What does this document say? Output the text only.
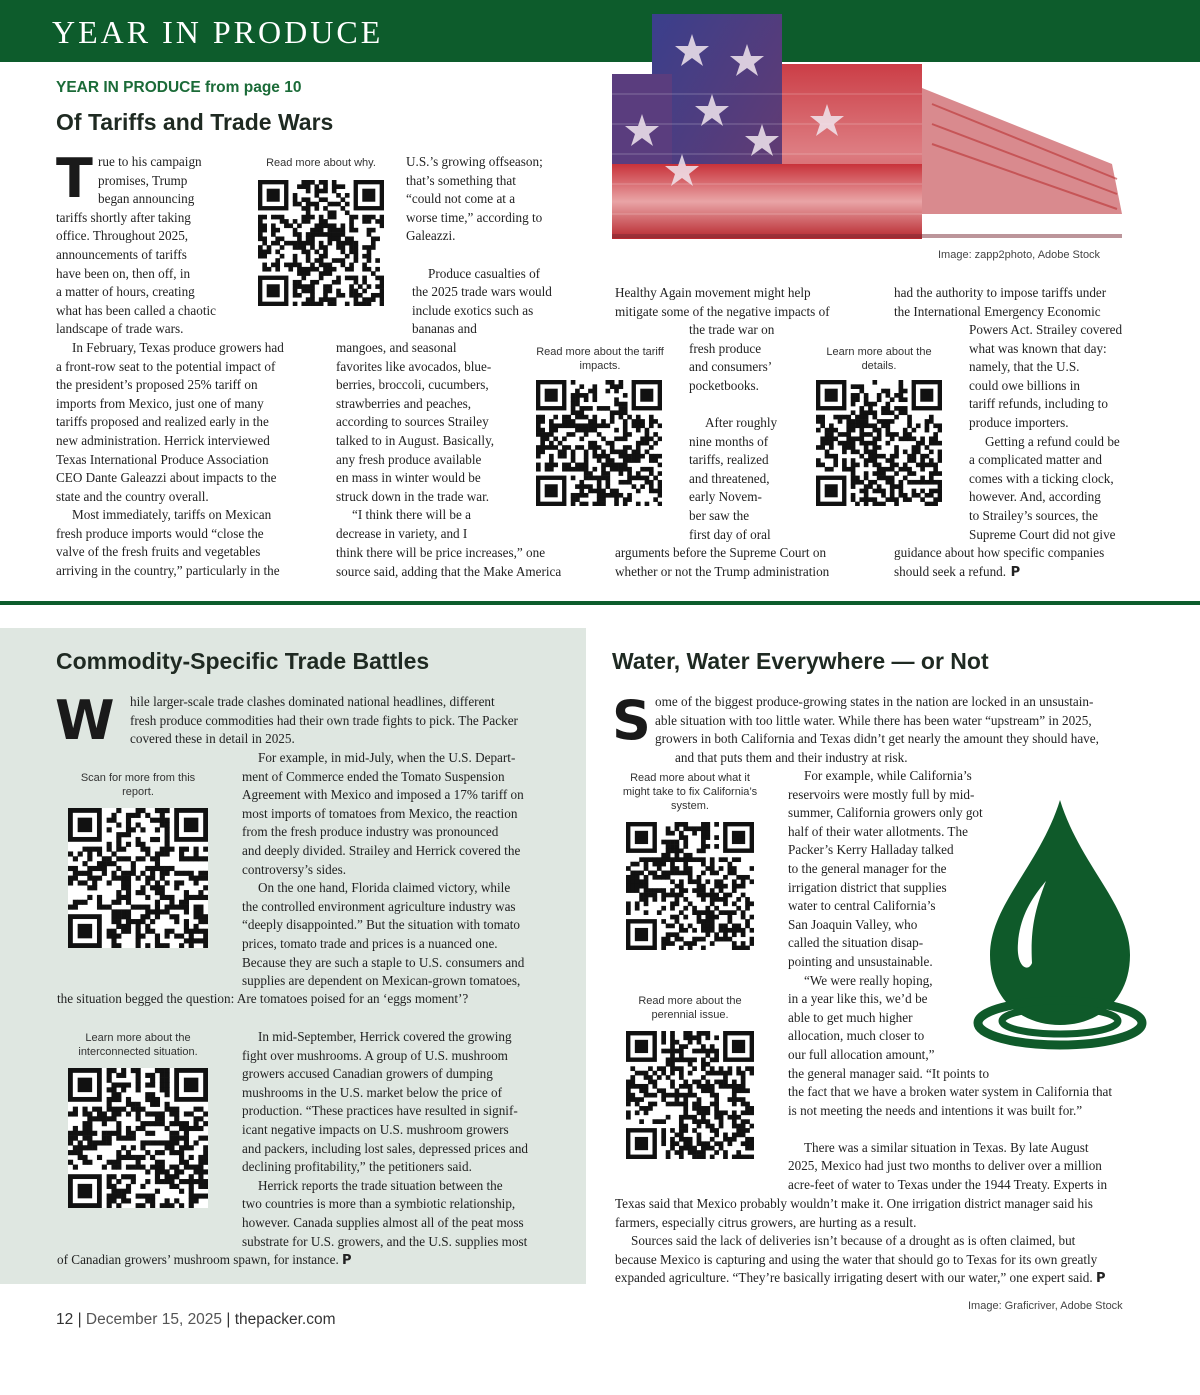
YEAR IN PRODUCE
YEAR IN PRODUCE from page 10
Of Tariffs and Trade Wars
T rue to his campaign
promises, Trump
began announcing
tariffs shortly after taking
office. Throughout 2025,
announcements of tariffs
have been on, then off, in
a matter of hours, creating
what has been called a chaotic
landscape of trade wars.
In February, Texas produce growers had
a front-row seat to the potential impact of
the president’s proposed 25% tariff on
imports from Mexico, just one of many
tariffs proposed and realized early in the
new administration. Herrick interviewed
Texas International Produce Association
CEO Dante Galeazzi about impacts to the
state and the country overall.
Most immediately, tariffs on Mexican
fresh produce imports would “close the
valve of the fresh fruits and vegetables
arriving in the country,” particularly in the
Read more about why.	U.S.’s growing offseason;
that’s something that
“could not come at a
worse time,” according to
Galeazzi.

Produce casualties of
the 2025 trade wars would
include exotics such as
bananas and
mangoes, and seasonal
favorites like avocados, blue-
berries, broccoli, cucumbers,
strawberries and peaches,
according to sources Strailey
talked to in August. Basically,
any fresh produce available
en mass in winter would be
struck down in the trade war.
“I think there will be a
decrease in variety, and I
think there will be price increases,” one
source said, adding that the Make America
Read more about the tariff impacts.
Image: zapp2photo, Adobe Stock
Healthy Again movement might help
mitigate some of the negative impacts of
the trade war on
fresh produce
and consumers’
pocketbooks.

After roughly
nine months of
tariffs, realized
and threatened,
early Novem-
ber saw the
first day of oral
arguments before the Supreme Court on
whether or not the Trump administration
Learn more about the details.
had the authority to impose tariffs under
the International Emergency Economic
Powers Act. Strailey covered
what was known that day:
namely, that the U.S.
could owe billions in
tariff refunds, including to
produce importers.
Getting a refund could be
a complicated matter and
comes with a ticking clock,
however. And, according
to Strailey’s sources, the
Supreme Court did not give
guidance about how specific companies
should seek a refund. P
Commodity-Specific Trade Battles
W hile larger-scale trade clashes dominated national headlines, different
fresh produce commodities had their own trade fights to pick. The Packer
covered these in detail in 2025.
Scan for more from this report.
For example, in mid-July, when the U.S. Depart-
ment of Commerce ended the Tomato Suspension
Agreement with Mexico and imposed a 17% tariff on
most imports of tomatoes from Mexico, the reaction
from the fresh produce industry was pronounced
and deeply divided. Strailey and Herrick covered the
controversy’s sides.
On the one hand, Florida claimed victory, while
the controlled environment agriculture industry was
“deeply disappointed.” But the situation with tomato
prices, tomato trade and prices is a nuanced one.
Because they are such a staple to U.S. consumers and
supplies are dependent on Mexican-grown tomatoes,
the situation begged the question: Are tomatoes poised for an ‘eggs moment’?
Learn more about the interconnected situation.
In mid-September, Herrick covered the growing
fight over mushrooms. A group of U.S. mushroom
growers accused Canadian growers of dumping
mushrooms in the U.S. market below the price of
production. “These practices have resulted in signif-
icant negative impacts on U.S. mushroom growers
and packers, including lost sales, depressed prices and
declining profitability,” the petitioners said.
Herrick reports the trade situation between the
two countries is more than a symbiotic relationship,
however. Canada supplies almost all of the peat moss
substrate for U.S. growers, and the U.S. supplies most
of Canadian growers’ mushroom spawn, for instance. P
Water, Water Everywhere — or Not
S ome of the biggest produce-growing states in the nation are locked in an unsustain-
able situation with too little water. While there has been water “upstream” in 2025,
growers in both California and Texas didn’t get nearly the amount they should have,
and that puts them and their industry at risk.
Read more about what it might take to fix California’s system.
Read more about the perennial issue.
For example, while California’s
reservoirs were mostly full by mid-
summer, California growers only got
half of their water allotments. The
Packer’s Kerry Halladay talked
to the general manager for the
irrigation district that supplies
water to central California’s
San Joaquin Valley, who
called the situation disap-
pointing and unsustainable.
“We were really hoping,
in a year like this, we’d be
able to get much higher
allocation, much closer to
our full allocation amount,”
the general manager said. “It points to
the fact that we have a broken water system in California that
is not meeting the needs and intentions it was built for.”

There was a similar situation in Texas. By late August
2025, Mexico had just two months to deliver over a million
acre-feet of water to Texas under the 1944 Treaty. Experts in
Texas said that Mexico probably wouldn’t make it. One irrigation district manager said his
farmers, especially citrus growers, are hurting as a result.
Sources said the lack of deliveries isn’t because of a drought as is often claimed, but
because Mexico is capturing and using the water that should go to Texas for its own greatly
expanded agriculture. “They’re basically irrigating desert with our water,” one expert said. P
Image: Graficriver, Adobe Stock
12 | December 15, 2025 | thepacker.com
